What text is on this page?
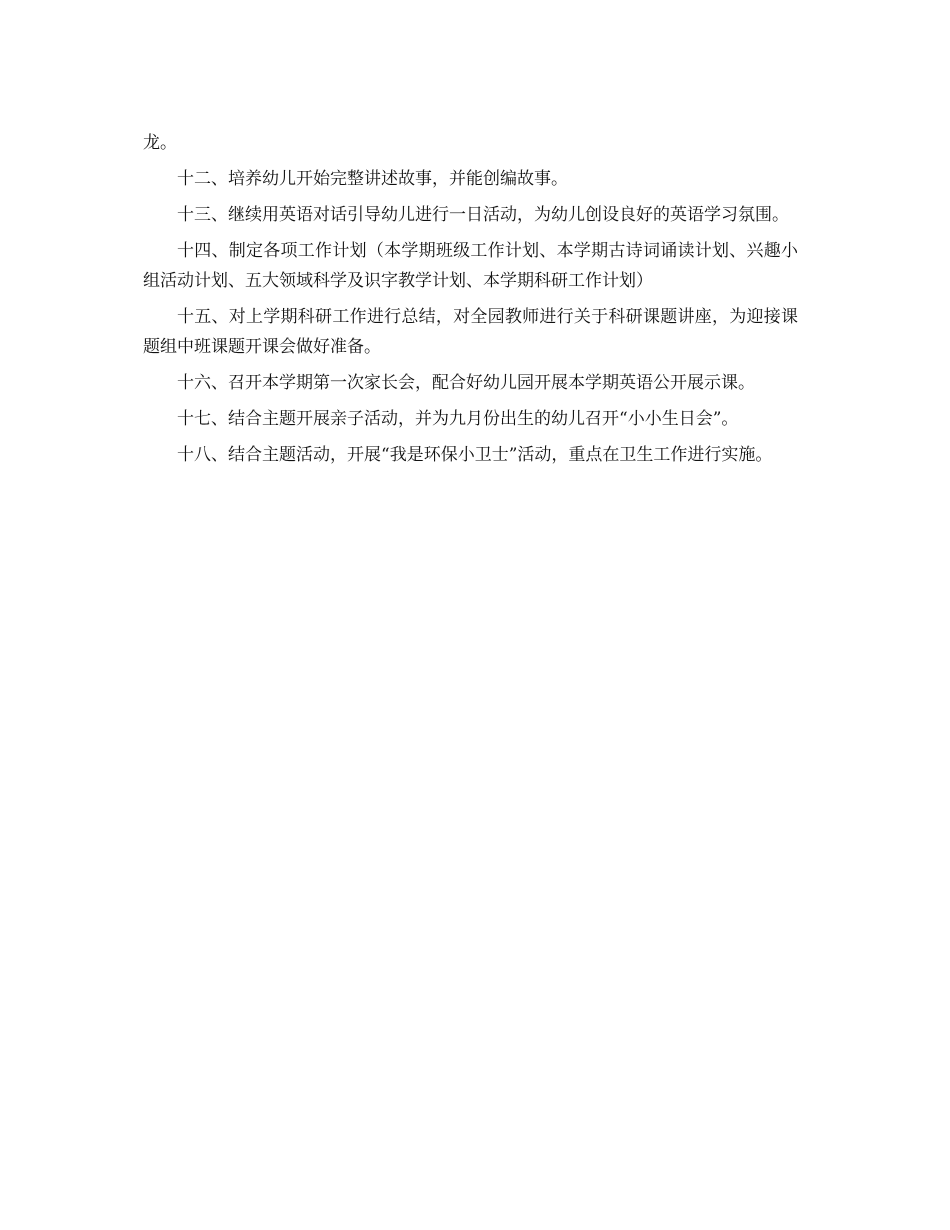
龙。

十二、培养幼儿开始完整讲述故事，并能创编故事。

十三、继续用英语对话引导幼儿进行一日活动，为幼儿创设良好的英语学习氛围。

十四、制定各项工作计划（本学期班级工作计划、本学期古诗词诵读计划、兴趣小组活动计划、五大领域科学及识字教学计划、本学期科研工作计划）

十五、对上学期科研工作进行总结，对全园教师进行关于科研课题讲座，为迎接课题组中班课题开课会做好准备。

十六、召开本学期第一次家长会，配合好幼儿园开展本学期英语公开展示课。

十七、结合主题开展亲子活动，并为九月份出生的幼儿召开“小小生日会”。

十八、结合主题活动，开展“我是环保小卫士”活动，重点在卫生工作进行实施。
